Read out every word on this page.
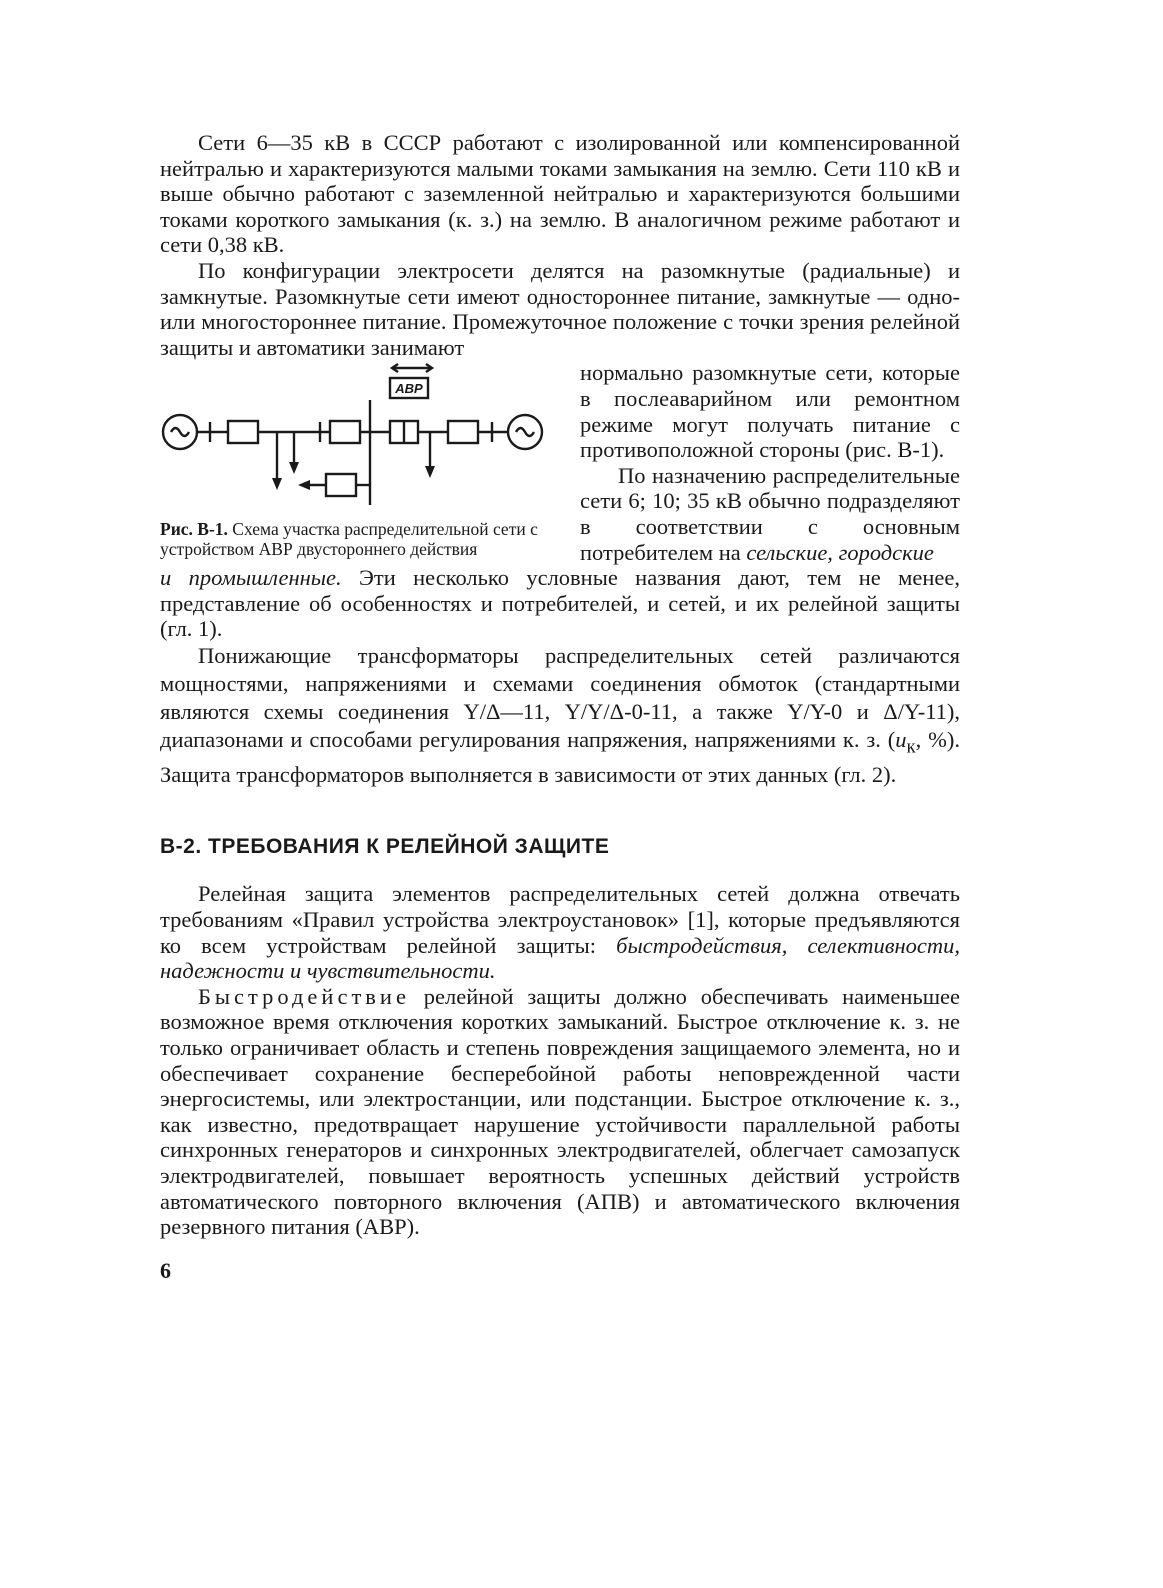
Сети 6—35 кВ в СССР работают с изолированной или компенсированной нейтралью и характеризуются малыми токами замыкания на землю. Сети 110 кВ и выше обычно работают с заземленной нейтралью и характеризуются большими токами короткого замыкания (к. з.) на землю. В аналогичном режиме работают и сети 0,38 кВ.

По конфигурации электросети делятся на разомкнутые (радиальные) и замкнутые. Разомкнутые сети имеют одностороннее питание, замкнутые — одно- или многостороннее питание. Промежуточное положение с точки зрения релейной защиты и автоматики занимают

АВР
Рис. В-1. Схема участка распределительной сети с устройством АВР двустороннего действия

нормально разомкнутые сети, которые в послеаварийном или ремонтном режиме могут получать питание с противоположной стороны (рис. В-1).

По назначению распределительные сети 6; 10; 35 кВ обычно подразделяют в соответствии с основным потребителем на сельские, городские

и промышленные. Эти несколько условные названия дают, тем не менее, представление об особенностях и потребителей, и сетей, и их релейной защиты (гл. 1).

Понижающие трансформаторы распределительных сетей различаются мощностями, напряжениями и схемами соединения обмоток (стандартными являются схемы соединения Y/Δ—11, Y/Y/Δ-0-11, а также Y/Y-0 и Δ/Y-11), диапазонами и способами регулирования напряжения, напряжениями к. з. ($u_к$, %). Защита трансформаторов выполняется в зависимости от этих данных (гл. 2).

В-2. ТРЕБОВАНИЯ К РЕЛЕЙНОЙ ЗАЩИТЕ

Релейная защита элементов распределительных сетей должна отвечать требованиям «Правил устройства электроустановок» [1], которые предъявляются ко всем устройствам релейной защиты: быстродействия, селективности, надежности и чувствительности.

Быстродействие релейной защиты должно обеспечивать наименьшее возможное время отключения коротких замыканий. Быстрое отключение к. з. не только ограничивает область и степень повреждения защищаемого элемента, но и обеспечивает сохранение бесперебойной работы неповрежденной части энергосистемы, или электростанции, или подстанции. Быстрое отключение к. з., как известно, предотвращает нарушение устойчивости параллельной работы синхронных генераторов и синхронных электродвигателей, облегчает самозапуск электродвигателей, повышает вероятность успешных действий устройств автоматического повторного включения (АПВ) и автоматического включения резервного питания (АВР).

6
